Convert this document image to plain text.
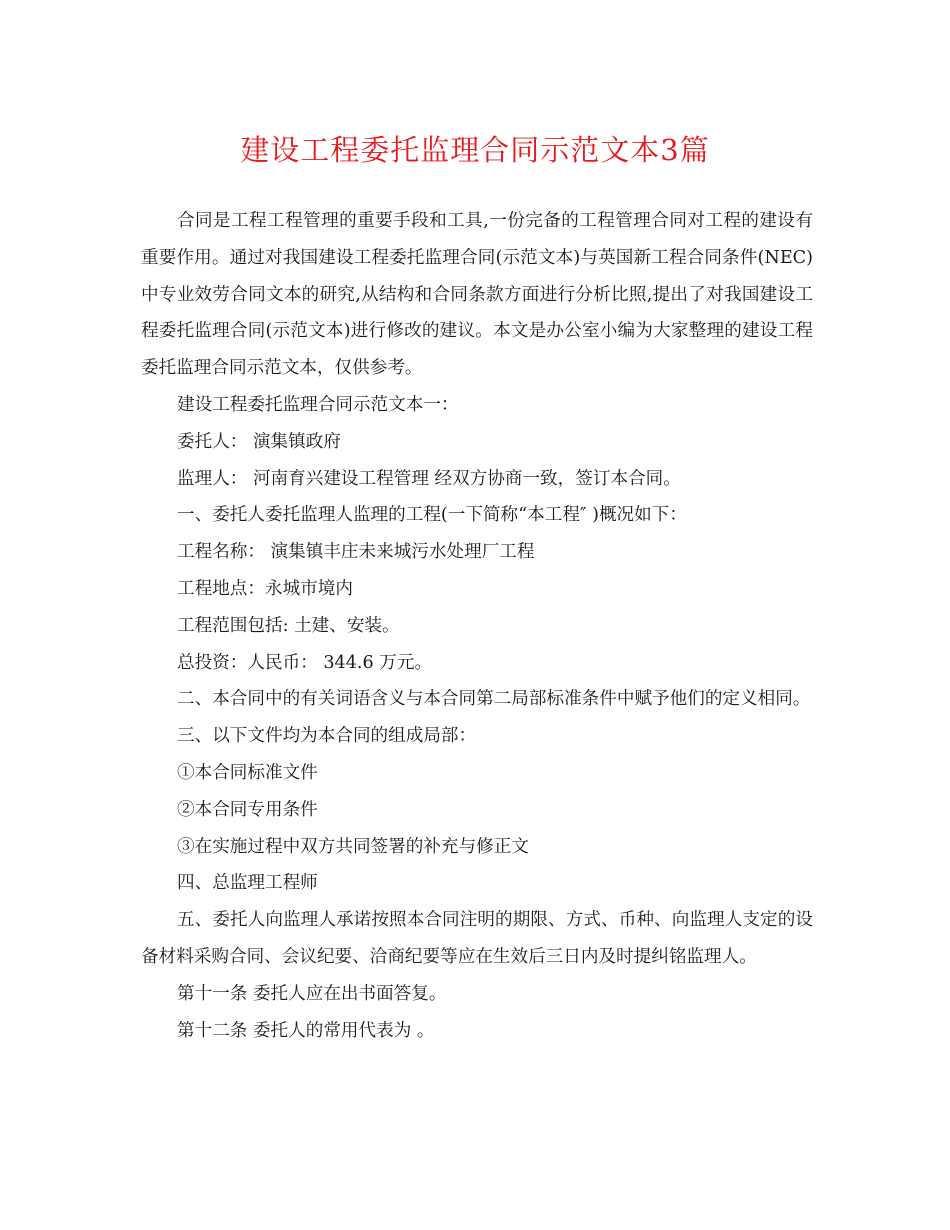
建设工程委托监理合同示范文本3篇

合同是工程工程管理的重要手段和工具,一份完备的工程管理合同对工程的建设有重要作用。通过对我国建设工程委托监理合同(示范文本)与英国新工程合同条件(NEC)中专业效劳合同文本的研究,从结构和合同条款方面进行分析比照,提出了对我国建设工程委托监理合同(示范文本)进行修改的建议。本文是办公室小编为大家整理的建设工程委托监理合同示范文本，仅供参考。

建设工程委托监理合同示范文本一：

委托人： 演集镇政府

监理人： 河南育兴建设工程管理 经双方协商一致，签订本合同。

一、委托人委托监理人监理的工程(一下简称“本工程″ )概况如下：

工程名称： 演集镇丰庄未来城污水处理厂工程

工程地点：永城市境内

工程范围包括: 土建、安装。

总投资：人民币： 344.6 万元。

二、本合同中的有关词语含义与本合同第二局部标准条件中赋予他们的定义相同。

三、以下文件均为本合同的组成局部：

①本合同标准文件

②本合同专用条件

③在实施过程中双方共同签署的补充与修正文

四、总监理工程师

五、委托人向监理人承诺按照本合同注明的期限、方式、币种、向监理人支定的设备材料采购合同、会议纪要、洽商纪要等应在生效后三日内及时提纠铭监理人。

第十一条 委托人应在出书面答复。

第十二条 委托人的常用代表为 。
